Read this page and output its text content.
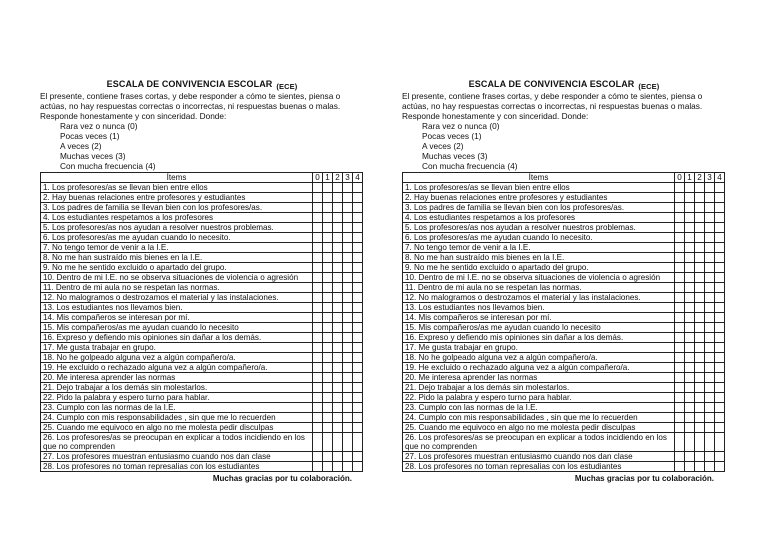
ESCALA DE CONVIVENCIA ESCOLAR $_{(ECE)}$

El presente, contiene frases cortas, y debe responder a cómo te sientes, piensa o actúas, no hay respuestas correctas o incorrectas, ni respuestas buenas o malas. Responde honestamente y con sinceridad. Donde:

Rara vez o nunca (0)
Pocas veces (1)
A veces (2)
Muchas veces (3)
Con mucha frecuencia (4)
Ítems	0	1	2	3	4
1. Los profesores/as se llevan bien entre ellos					
2. Hay buenas relaciones entre profesores y estudiantes					
3. Los padres de familia se llevan bien con los profesores/as.					
4. Los estudiantes respetamos a los profesores					
5. Los profesores/as nos ayudan a resolver nuestros problemas.					
6. Los profesores/as me ayudan cuando lo necesito.					
7. No tengo temor de venir a la I.E.					
8. No me han sustraído mis bienes en la I.E.					
9. No me he sentido excluido o apartado del grupo.					
10. Dentro de mi I.E. no se observa situaciones de violencia o agresión					
11. Dentro de mi aula no se respetan las normas.					
12. No malogramos o destrozamos el material y las instalaciones.					
13. Los estudiantes nos llevamos bien.					
14. Mis compañeros se interesan por mí.					
15. Mis compañeros/as me ayudan cuando lo necesito					
16. Expreso y defiendo mis opiniones sin dañar a los demás.					
17. Me gusta trabajar en grupo.					
18. No he golpeado alguna vez a algún compañero/a.					
19. He excluido o rechazado alguna vez a algún compañero/a.					
20. Me interesa aprender las normas					
21. Dejo trabajar a los demás sin molestarlos.					
22. Pido la palabra y espero turno para hablar.					
23. Cumplo con las normas de la I.E.					
24. Cumplo con mis responsabilidades , sin que me lo recuerden					
25. Cuando me equivoco en algo no me molesta pedir disculpas					
26. Los profesores/as se preocupan en explicar a todos incidiendo en los que no comprenden					
27. Los profesores muestran entusiasmo cuando nos dan clase					
28. Los profesores no toman represalias con los estudiantes					
Muchas gracias por tu colaboración.
ESCALA DE CONVIVENCIA ESCOLAR $_{(ECE)}$

El presente, contiene frases cortas, y debe responder a cómo te sientes, piensa o actúas, no hay respuestas correctas o incorrectas, ni respuestas buenas o malas. Responde honestamente y con sinceridad. Donde:

Rara vez o nunca (0)
Pocas veces (1)
A veces (2)
Muchas veces (3)
Con mucha frecuencia (4)
Ítems	0	1	2	3	4
1. Los profesores/as se llevan bien entre ellos					
2. Hay buenas relaciones entre profesores y estudiantes					
3. Los padres de familia se llevan bien con los profesores/as.					
4. Los estudiantes respetamos a los profesores					
5. Los profesores/as nos ayudan a resolver nuestros problemas.					
6. Los profesores/as me ayudan cuando lo necesito.					
7. No tengo temor de venir a la I.E.					
8. No me han sustraído mis bienes en la I.E.					
9. No me he sentido excluido o apartado del grupo.					
10. Dentro de mi I.E. no se observa situaciones de violencia o agresión					
11. Dentro de mi aula no se respetan las normas.					
12. No malogramos o destrozamos el material y las instalaciones.					
13. Los estudiantes nos llevamos bien.					
14. Mis compañeros se interesan por mí.					
15. Mis compañeros/as me ayudan cuando lo necesito					
16. Expreso y defiendo mis opiniones sin dañar a los demás.					
17. Me gusta trabajar en grupo.					
18. No he golpeado alguna vez a algún compañero/a.					
19. He excluido o rechazado alguna vez a algún compañero/a.					
20. Me interesa aprender las normas					
21. Dejo trabajar a los demás sin molestarlos.					
22. Pido la palabra y espero turno para hablar.					
23. Cumplo con las normas de la I.E.					
24. Cumplo con mis responsabilidades , sin que me lo recuerden					
25. Cuando me equivoco en algo no me molesta pedir disculpas					
26. Los profesores/as se preocupan en explicar a todos incidiendo en los que no comprenden					
27. Los profesores muestran entusiasmo cuando nos dan clase					
28. Los profesores no toman represalias con los estudiantes					
Muchas gracias por tu colaboración.
